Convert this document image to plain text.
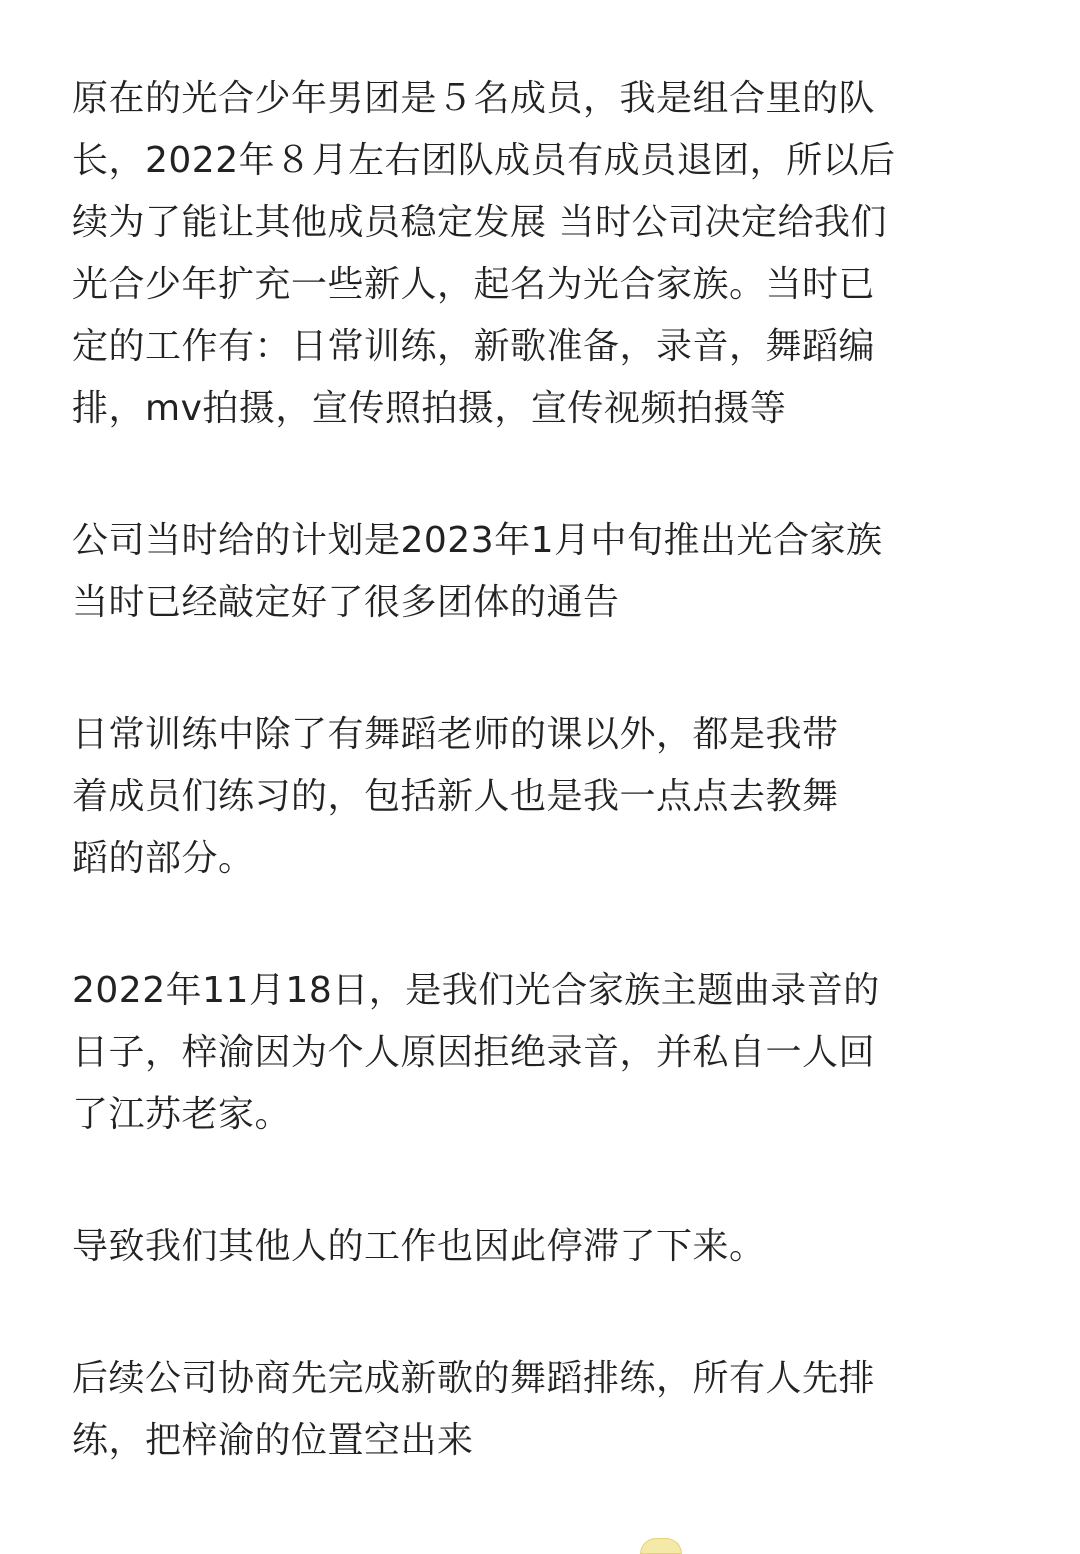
原在的光合少年男团是５名成员，我是组合里的队
长，2022年８月左右团队成员有成员退团，所以后
续为了能让其他成员稳定发展 当时公司决定给我们
光合少年扩充一些新人，起名为光合家族。当时已
定的工作有：日常训练，新歌准备，录音，舞蹈编
排，mv拍摄，宣传照拍摄，宣传视频拍摄等
公司当时给的计划是2023年1月中旬推出光合家族
当时已经敲定好了很多团体的通告
日常训练中除了有舞蹈老师的课以外，都是我带
着成员们练习的，包括新人也是我一点点去教舞
蹈的部分。
2022年11月18日，是我们光合家族主题曲录音的
日子，梓渝因为个人原因拒绝录音，并私自一人回
了江苏老家。
导致我们其他人的工作也因此停滞了下来。
后续公司协商先完成新歌的舞蹈排练，所有人先排
练，把梓渝的位置空出来
